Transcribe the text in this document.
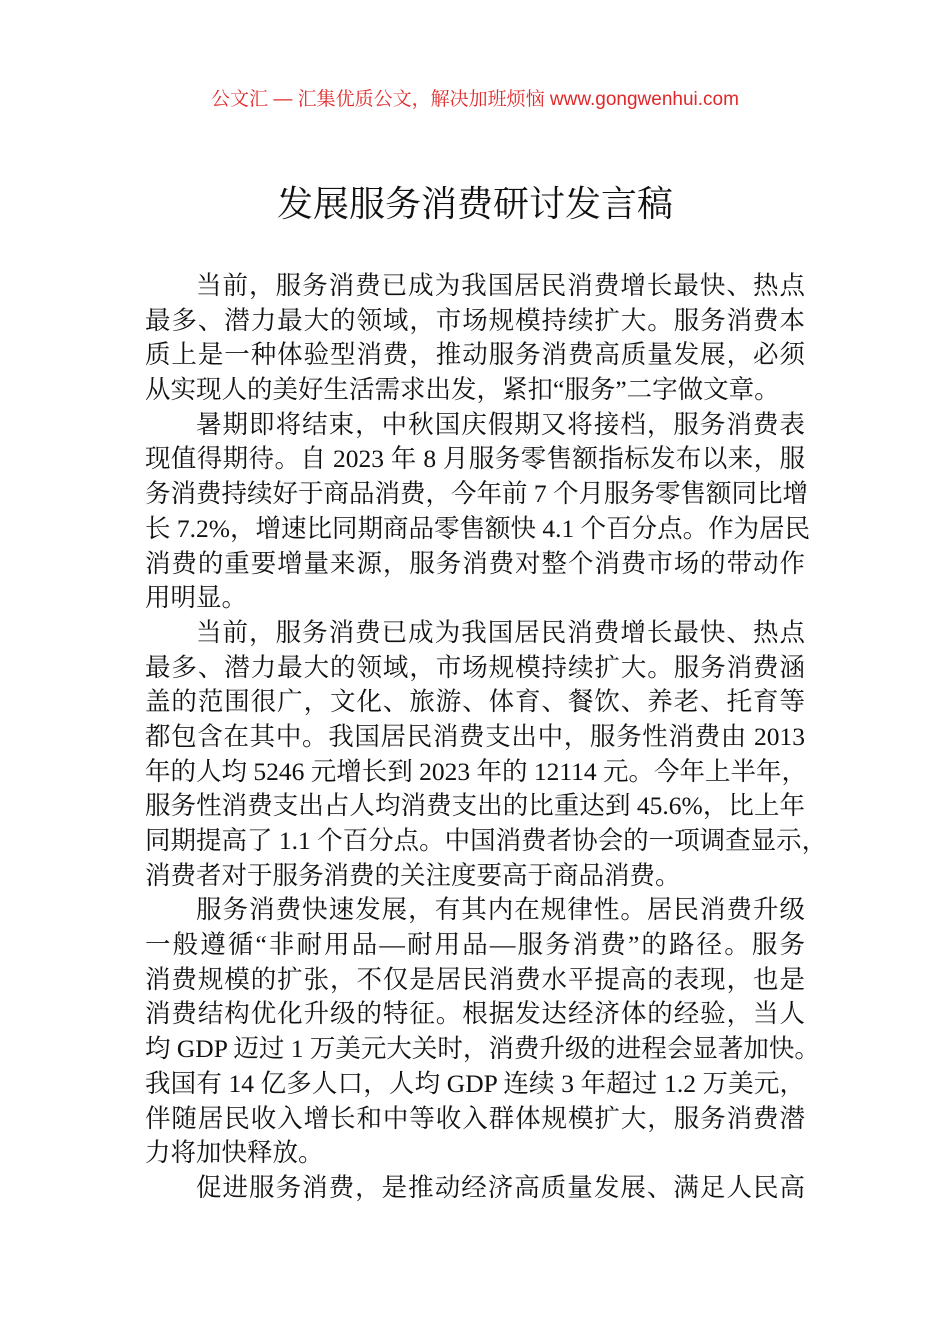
公文汇 — 汇集优质公文，解决加班烦恼 www.gongwenhui.com
发展服务消费研讨发言稿
当前，服务消费已成为我国居民消费增长最快、热点
最多、潜力最大的领域，市场规模持续扩大。服务消费本
质上是一种体验型消费，推动服务消费高质量发展，必须
从实现人的美好生活需求出发，紧扣“服务”二字做文章。
暑期即将结束，中秋国庆假期又将接档，服务消费表
现值得期待。自 2023 年 8 月服务零售额指标发布以来，服
务消费持续好于商品消费，今年前 7 个月服务零售额同比增
长 7.2%，增速比同期商品零售额快 4.1 个百分点。作为居民
消费的重要增量来源，服务消费对整个消费市场的带动作
用明显。
当前，服务消费已成为我国居民消费增长最快、热点
最多、潜力最大的领域，市场规模持续扩大。服务消费涵
盖的范围很广，文化、旅游、体育、餐饮、养老、托育等
都包含在其中。我国居民消费支出中，服务性消费由 2013
年的人均 5246 元增长到 2023 年的 12114 元。今年上半年，
服务性消费支出占人均消费支出的比重达到 45.6%，比上年
同期提高了 1.1 个百分点。中国消费者协会的一项调查显示，
消费者对于服务消费的关注度要高于商品消费。
服务消费快速发展，有其内在规律性。居民消费升级
一般遵循“非耐用品—耐用品—服务消费”的路径。服务
消费规模的扩张，不仅是居民消费水平提高的表现，也是
消费结构优化升级的特征。根据发达经济体的经验，当人
均 GDP 迈过 1 万美元大关时，消费升级的进程会显著加快。
我国有 14 亿多人口，人均 GDP 连续 3 年超过 1.2 万美元，
伴随居民收入增长和中等收入群体规模扩大，服务消费潜
力将加快释放。
促进服务消费，是推动经济高质量发展、满足人民高
